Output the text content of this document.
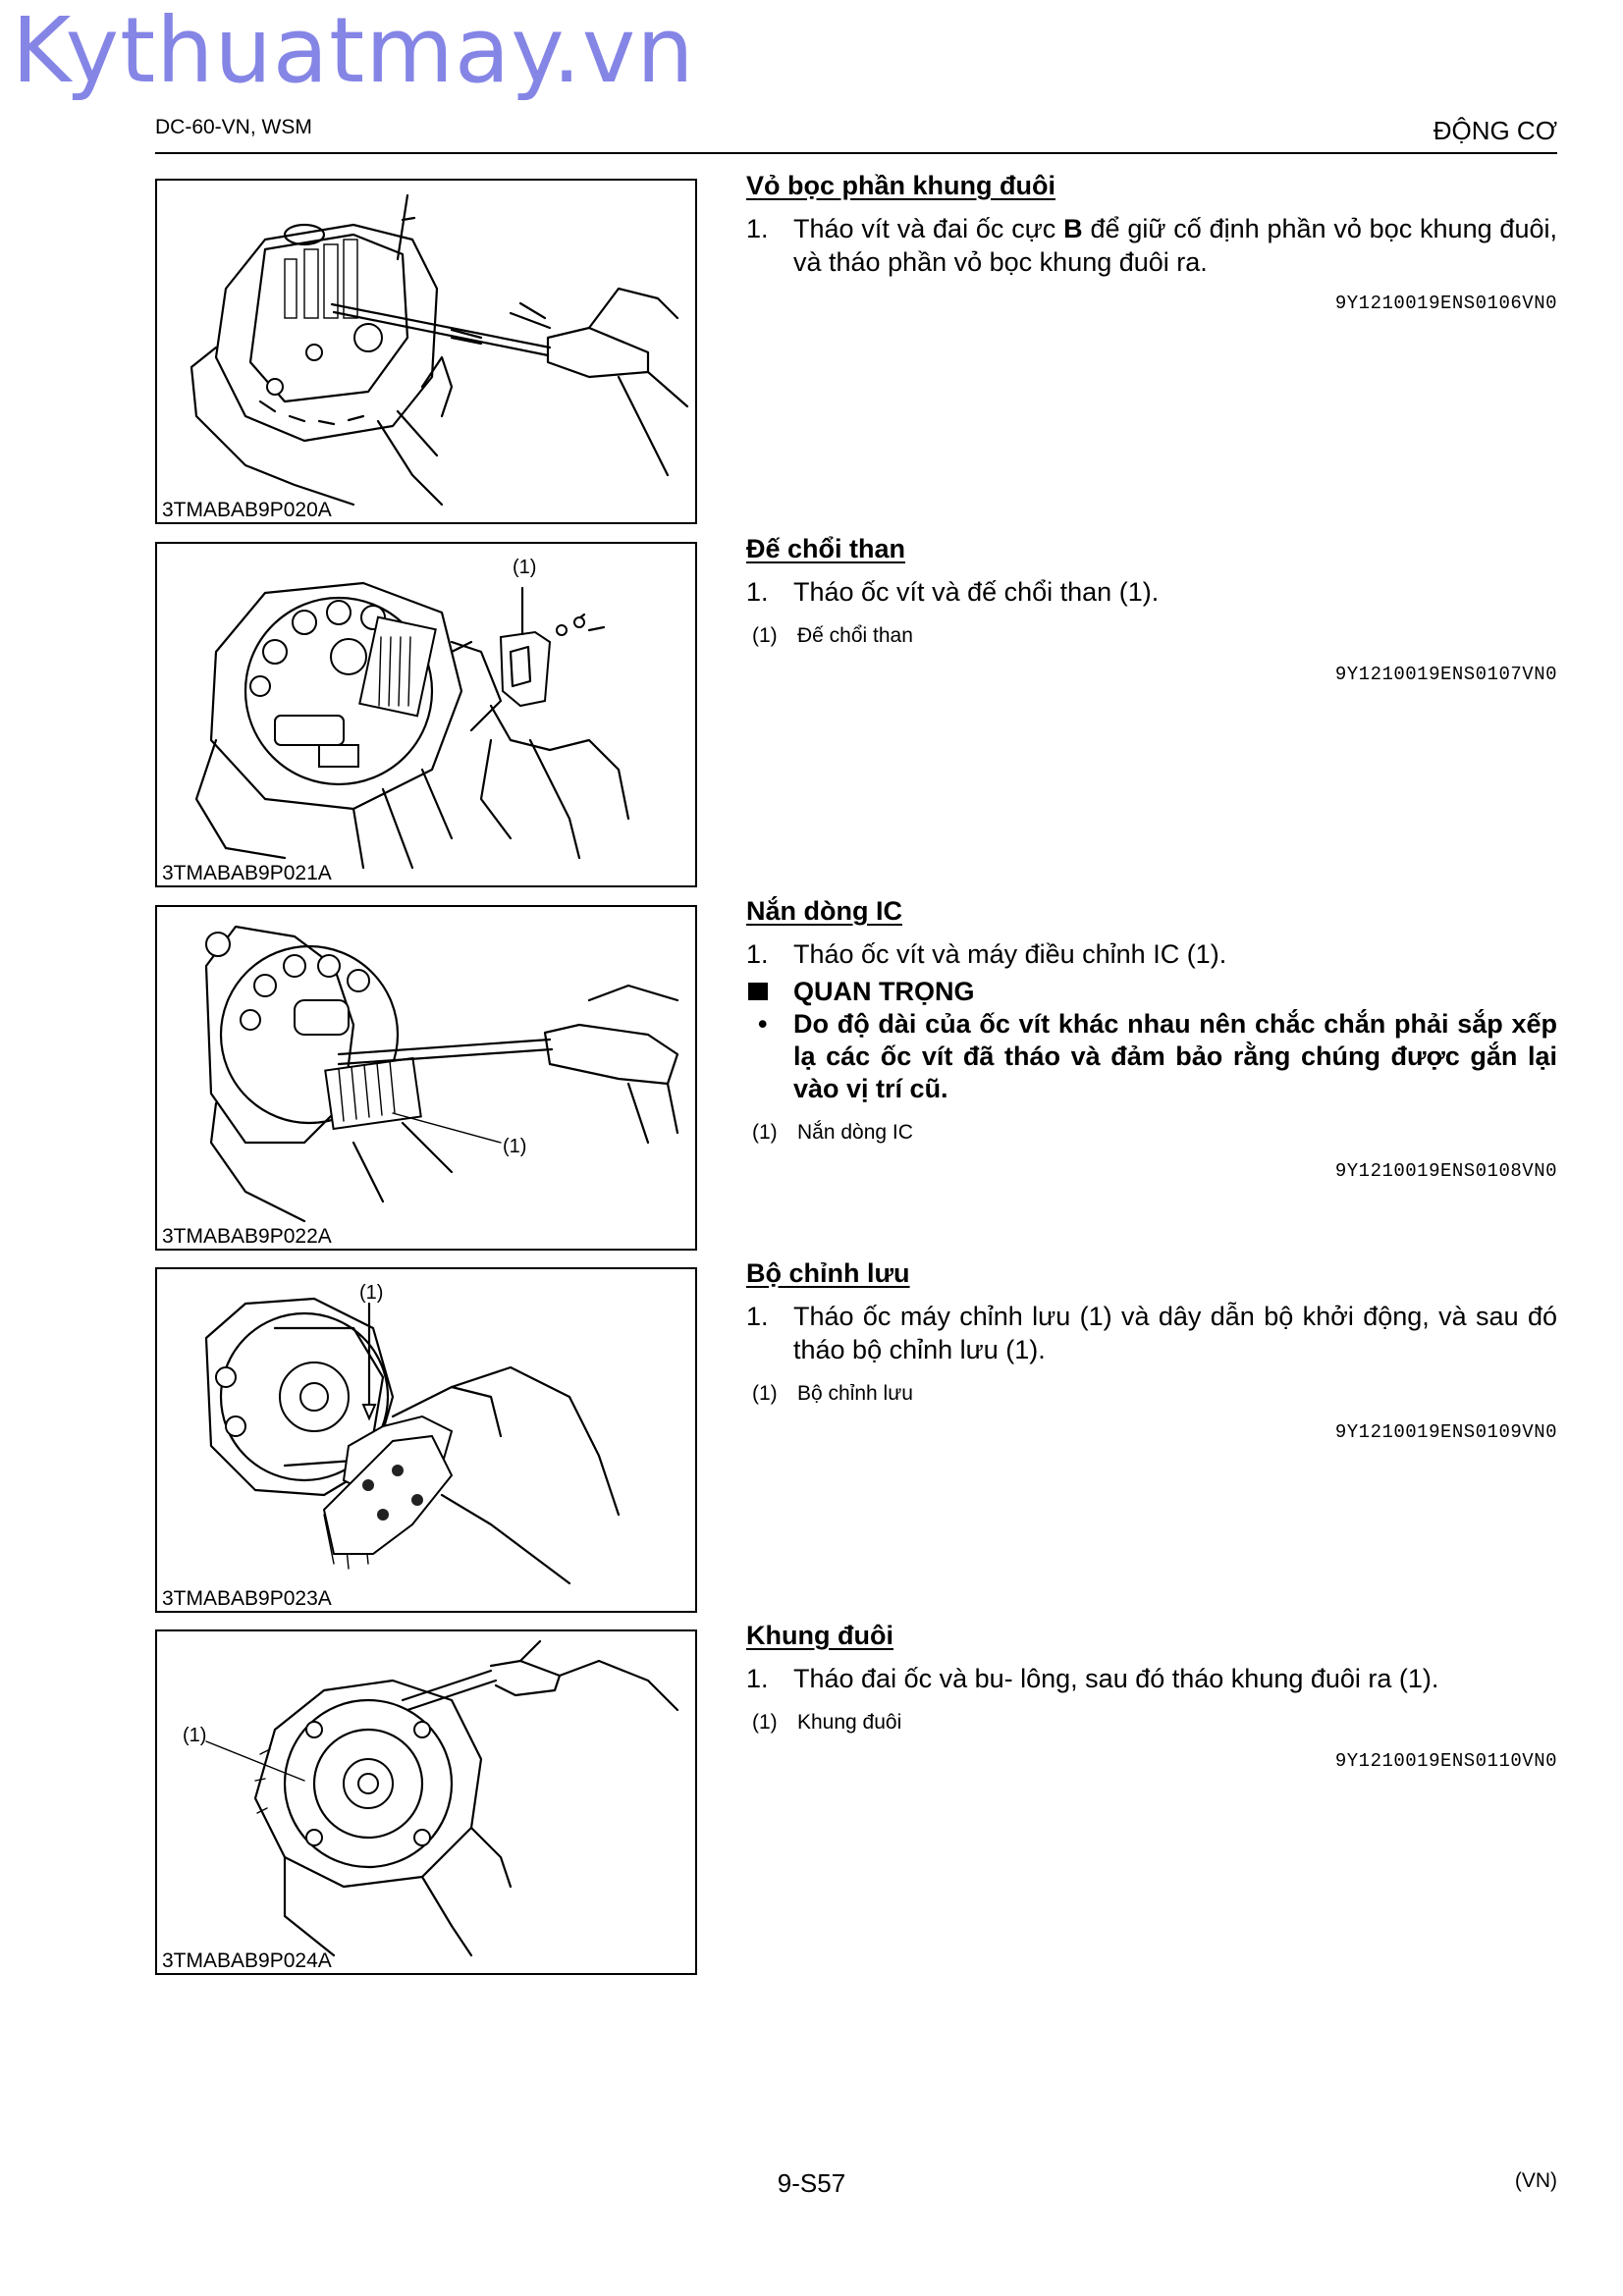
Kythuatmay.vn
DC-60-VN, WSM	ĐỘNG CƠ
3TMABAB9P020A
(1)
3TMABAB9P021A
(1)
3TMABAB9P022A
(1)
3TMABAB9P023A
(1)
3TMABAB9P024A
Vỏ bọc phần khung đuôi
1. Tháo vít và đai ốc cực B để giữ cố định phần vỏ bọc khung đuôi, và tháo phần vỏ bọc khung đuôi ra.
9Y1210019ENS0106VN0
Đế chổi than
1. Tháo ốc vít và đế chổi than (1).
(1) Đế chổi than
9Y1210019ENS0107VN0
Nắn dòng IC
1. Tháo ốc vít và máy điều chỉnh IC (1).
QUAN TRỌNG
• Do độ dài của ốc vít khác nhau nên chắc chắn phải sắp xếp lạ các ốc vít đã tháo và đảm bảo rằng chúng được gắn lại vào vị trí cũ.
(1) Nắn dòng IC
9Y1210019ENS0108VN0
Bộ chỉnh lưu
1. Tháo ốc máy chỉnh lưu (1) và dây dẫn bộ khởi động, và sau đó tháo bộ chỉnh lưu (1).
(1) Bộ chỉnh lưu
9Y1210019ENS0109VN0
Khung đuôi
1. Tháo đai ốc và bu- lông, sau đó tháo khung đuôi ra (1).
(1) Khung đuôi
9Y1210019ENS0110VN0
9-S57	(VN)
